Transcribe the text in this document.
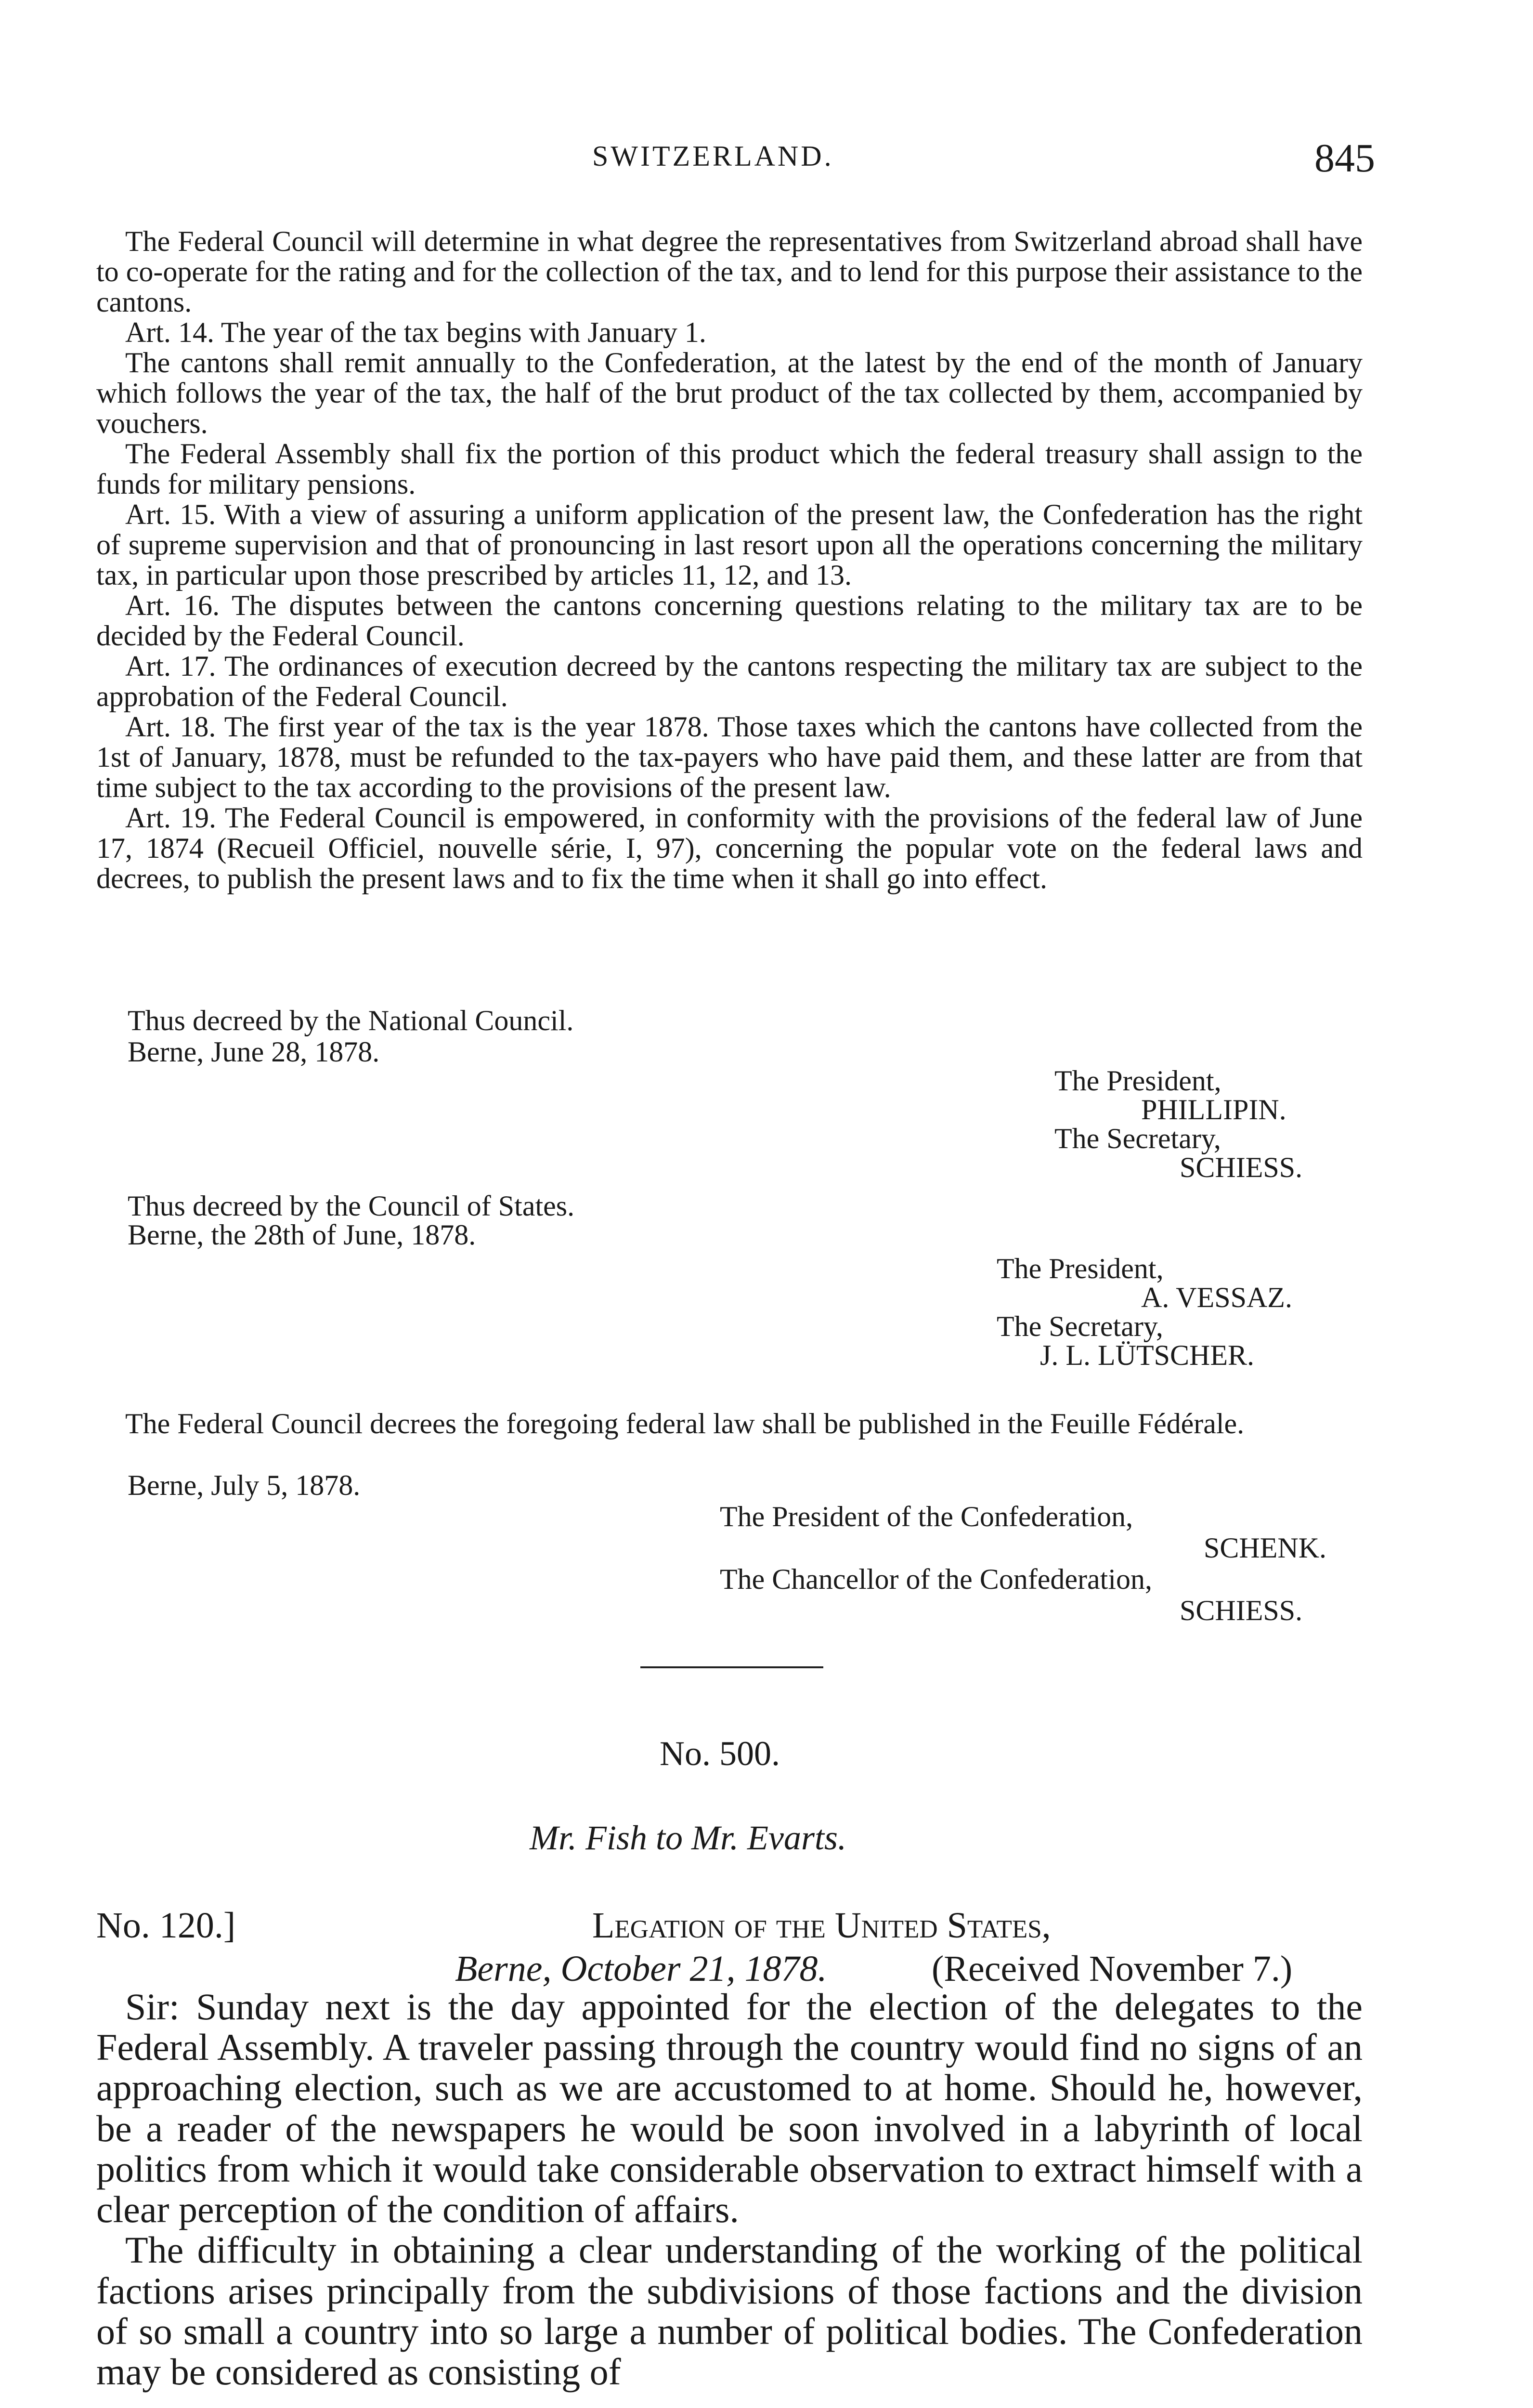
SWITZERLAND.	845

The Federal Council will determine in what degree the representatives from Switzerland abroad shall have to co-operate for the rating and for the collection of the tax, and to lend for this purpose their assistance to the cantons.

Art. 14. The year of the tax begins with January 1.

The cantons shall remit annually to the Confederation, at the latest by the end of the month of January which follows the year of the tax, the half of the brut product of the tax collected by them, accompanied by vouchers.

The Federal Assembly shall fix the portion of this product which the federal treasury shall assign to the funds for military pensions.

Art. 15. With a view of assuring a uniform application of the present law, the Confederation has the right of supreme supervision and that of pronouncing in last resort upon all the operations concerning the military tax, in particular upon those prescribed by articles 11, 12, and 13.

Art. 16. The disputes between the cantons concerning questions relating to the military tax are to be decided by the Federal Council.

Art. 17. The ordinances of execution decreed by the cantons respecting the military tax are subject to the approbation of the Federal Council.

Art. 18. The first year of the tax is the year 1878. Those taxes which the cantons have collected from the 1st of January, 1878, must be refunded to the tax-payers who have paid them, and these latter are from that time subject to the tax according to the provisions of the present law.

Art. 19. The Federal Council is empowered, in conformity with the provisions of the federal law of June 17, 1874 (Recueil Officiel, nouvelle série, I, 97), concerning the popular vote on the federal laws and decrees, to publish the present laws and to fix the time when it shall go into effect.

Thus decreed by the National Council.
Berne, June 28, 1878.
The President,
PHILLIPIN.
The Secretary,
SCHIESS.
Thus decreed by the Council of States.
Berne, the 28th of June, 1878.
The President,
A. VESSAZ.
The Secretary,
J. L. LÜTSCHER.

The Federal Council decrees the foregoing federal law shall be published in the Feuille Fédérale.

Berne, July 5, 1878.
The President of the Confederation,
SCHENK.
The Chancellor of the Confederation,
SCHIESS.
No. 500.
Mr. Fish to Mr. Evarts.
No. 120.]	Legation of the United States,
Berne, October 21, 1878.	(Received November 7.)

Sir: Sunday next is the day appointed for the election of the delegates to the Federal Assembly. A traveler passing through the country would find no signs of an approaching election, such as we are accustomed to at home. Should he, however, be a reader of the newspapers he would be soon involved in a labyrinth of local politics from which it would take considerable observation to extract himself with a clear perception of the condition of affairs.

The difficulty in obtaining a clear understanding of the working of the political factions arises principally from the subdivisions of those factions and the division of so small a country into so large a number of political bodies. The Confederation may be considered as consisting of
